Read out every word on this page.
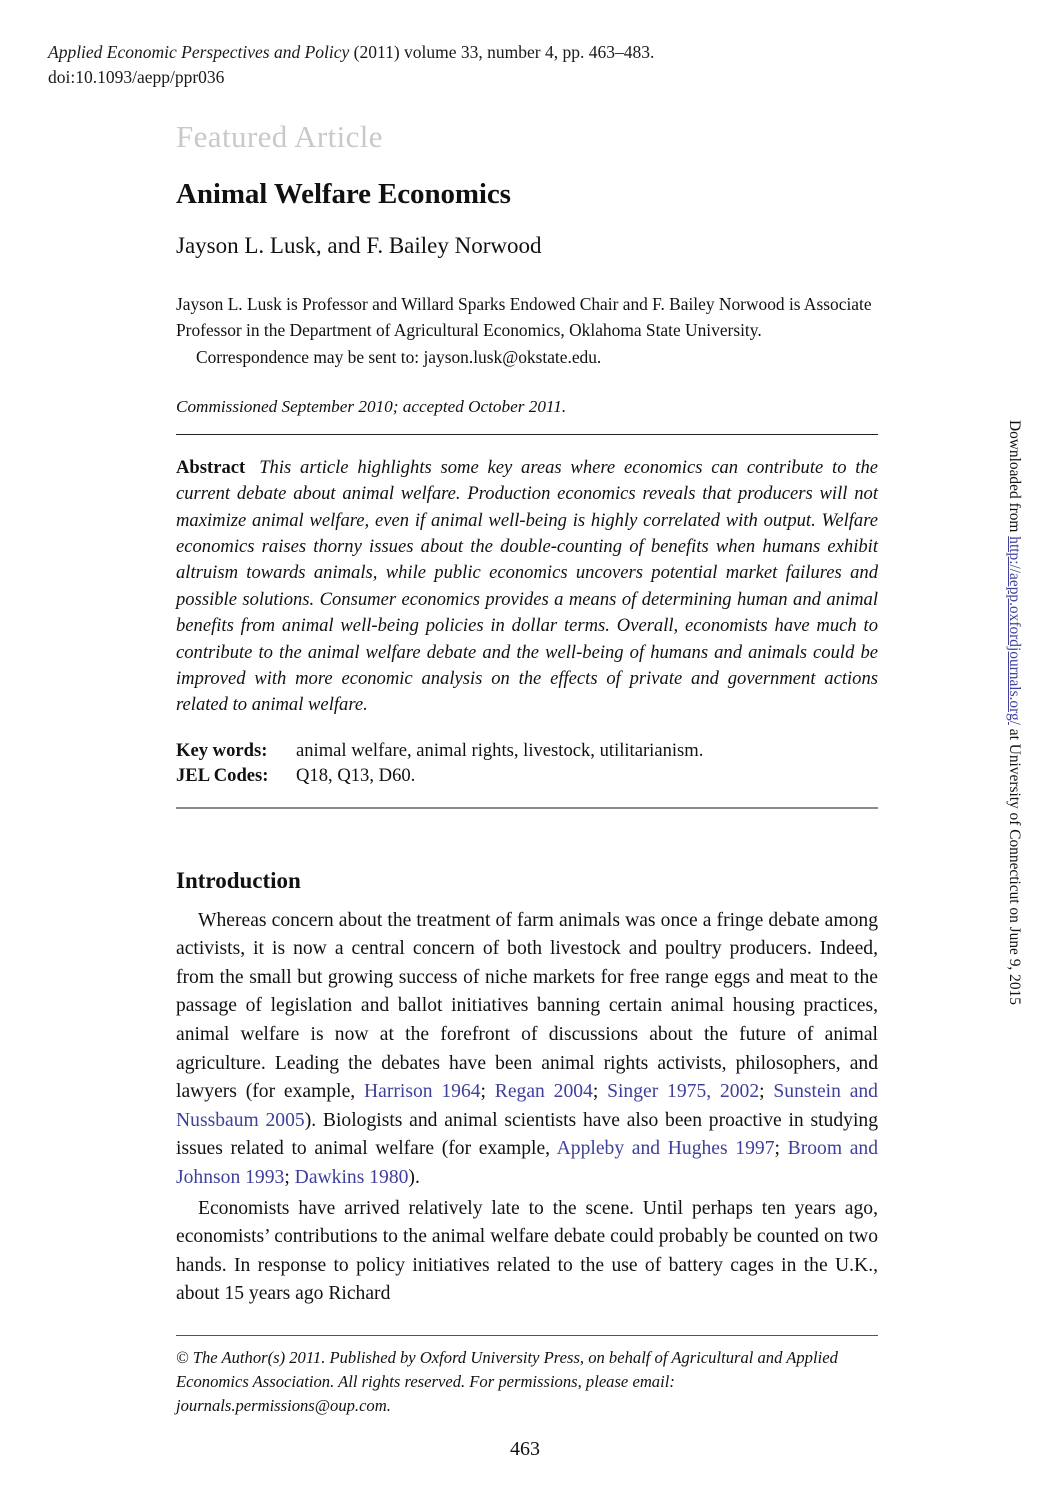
Applied Economic Perspectives and Policy (2011) volume 33, number 4, pp. 463–483.
doi:10.1093/aepp/ppr036
Featured Article
Animal Welfare Economics
Jayson L. Lusk, and F. Bailey Norwood
Jayson L. Lusk is Professor and Willard Sparks Endowed Chair and F. Bailey Norwood is Associate Professor in the Department of Agricultural Economics, Oklahoma State University.
Correspondence may be sent to: jayson.lusk@okstate.edu.
Commissioned September 2010; accepted October 2011.

Abstract This article highlights some key areas where economics can contribute to the current debate about animal welfare. Production economics reveals that producers will not maximize animal welfare, even if animal well-being is highly correlated with output. Welfare economics raises thorny issues about the double-counting of benefits when humans exhibit altruism towards animals, while public economics uncovers potential market failures and possible solutions. Consumer economics provides a means of determining human and animal benefits from animal well-being policies in dollar terms. Overall, economists have much to contribute to the animal welfare debate and the well-being of humans and animals could be improved with more economic analysis on the effects of private and government actions related to animal welfare.

Key words: animal welfare, animal rights, livestock, utilitarianism.
JEL Codes: Q18, Q13, D60.
Introduction

Whereas concern about the treatment of farm animals was once a fringe debate among activists, it is now a central concern of both livestock and poultry producers. Indeed, from the small but growing success of niche markets for free range eggs and meat to the passage of legislation and ballot initiatives banning certain animal housing practices, animal welfare is now at the forefront of discussions about the future of animal agriculture. Leading the debates have been animal rights activists, philosophers, and lawyers (for example, Harrison 1964; Regan 2004; Singer 1975, 2002; Sunstein and Nussbaum 2005). Biologists and animal scientists have also been proactive in studying issues related to animal welfare (for example, Appleby and Hughes 1997; Broom and Johnson 1993; Dawkins 1980).

Economists have arrived relatively late to the scene. Until perhaps ten years ago, economists’ contributions to the animal welfare debate could probably be counted on two hands. In response to policy initiatives related to the use of battery cages in the U.K., about 15 years ago Richard

© The Author(s) 2011. Published by Oxford University Press, on behalf of Agricultural and Applied Economics Association. All rights reserved. For permissions, please email: journals.permissions@oup.com.

463
Downloaded from http://aepp.oxfordjournals.org/ at University of Connecticut on June 9, 2015
